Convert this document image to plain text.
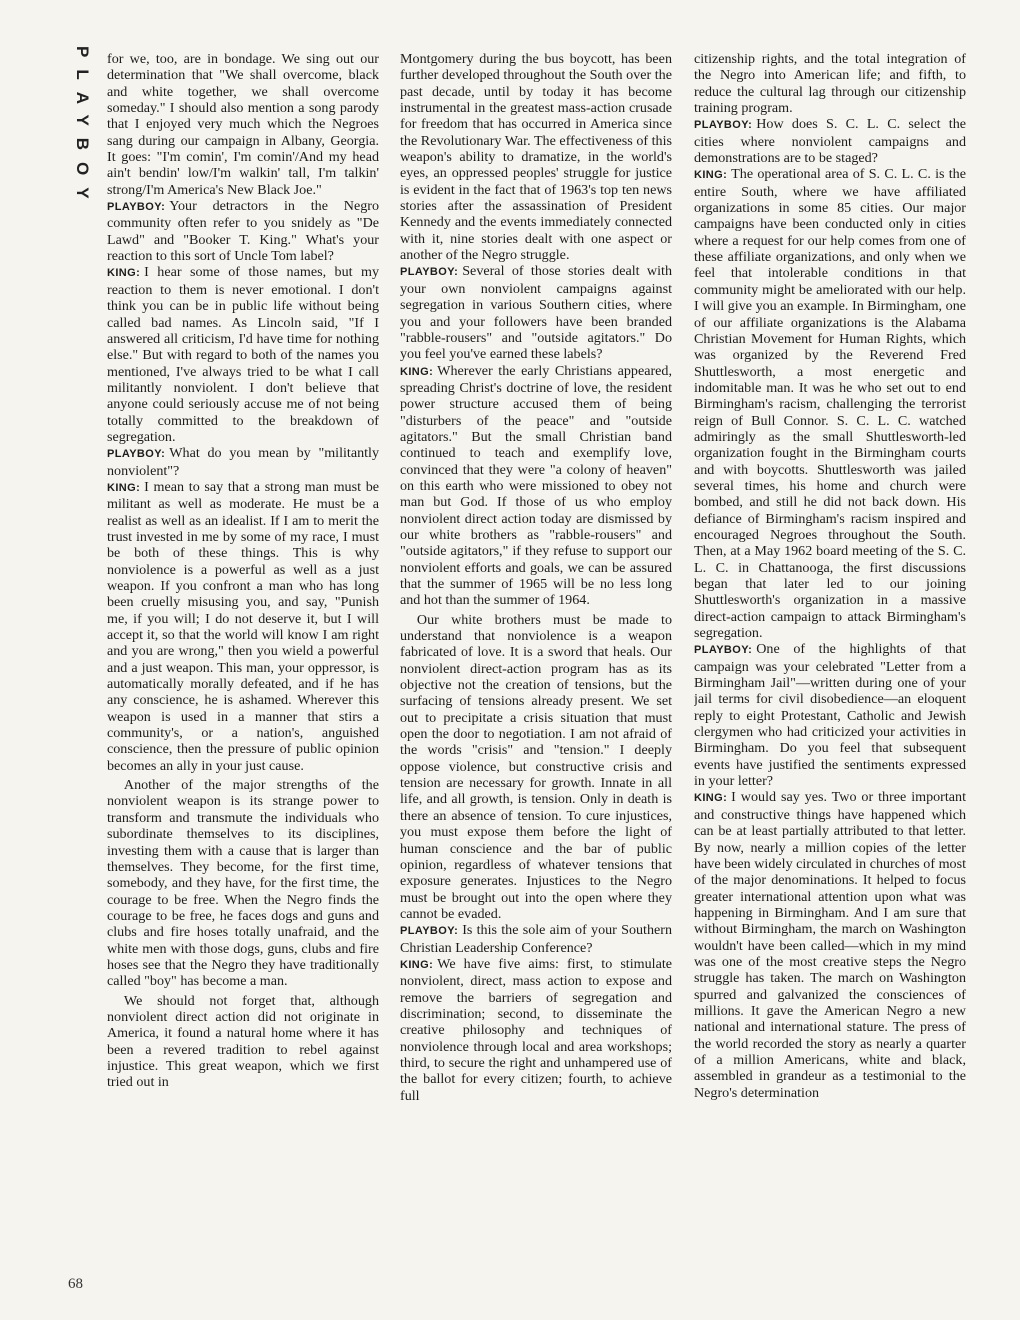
PLAYBOY for we, too, are in bondage. We sing out our determination that "We shall overcome, black and white together, we shall overcome someday." I should also mention a song parody that I enjoyed very much which the Negroes sang during our campaign in Albany, Georgia. It goes: "I'm comin', I'm comin'/And my head ain't bendin' low/I'm walkin' tall, I'm talkin' strong/I'm America's New Black Joe."

PLAYBOY: Your detractors in the Negro community often refer to you snidely as "De Lawd" and "Booker T. King." What's your reaction to this sort of Uncle Tom label?

KING: I hear some of those names, but my reaction to them is never emotional. I don't think you can be in public life without being called bad names. As Lincoln said, "If I answered all criticism, I'd have time for nothing else." But with regard to both of the names you mentioned, I've always tried to be what I call militantly nonviolent. I don't believe that anyone could seriously accuse me of not being totally committed to the breakdown of segregation.

PLAYBOY: What do you mean by "militantly nonviolent"?

KING: I mean to say that a strong man must be militant as well as moderate. He must be a realist as well as an idealist. If I am to merit the trust invested in me by some of my race, I must be both of these things. This is why nonviolence is a powerful as well as a just weapon. If you confront a man who has long been cruelly misusing you, and say, "Punish me, if you will; I do not deserve it, but I will accept it, so that the world will know I am right and you are wrong," then you wield a powerful and a just weapon. This man, your oppressor, is automatically morally defeated, and if he has any conscience, he is ashamed. Wherever this weapon is used in a manner that stirs a community's, or a nation's, anguished conscience, then the pressure of public opinion becomes an ally in your just cause.

Another of the major strengths of the nonviolent weapon is its strange power to transform and transmute the individuals who subordinate themselves to its disciplines, investing them with a cause that is larger than themselves. They become, for the first time, somebody, and they have, for the first time, the courage to be free. When the Negro finds the courage to be free, he faces dogs and guns and clubs and fire hoses totally unafraid, and the white men with those dogs, guns, clubs and fire hoses see that the Negro they have traditionally called "boy" has become a man.

We should not forget that, although nonviolent direct action did not originate in America, it found a natural home where it has been a revered tradition to rebel against injustice. This great weapon, which we first tried out in

Montgomery during the bus boycott, has been further developed throughout the South over the past decade, until by today it has become instrumental in the greatest mass-action crusade for freedom that has occurred in America since the Revolutionary War. The effectiveness of this weapon's ability to dramatize, in the world's eyes, an oppressed peoples' struggle for justice is evident in the fact that of 1963's top ten news stories after the assassination of President Kennedy and the events immediately connected with it, nine stories dealt with one aspect or another of the Negro struggle.

PLAYBOY: Several of those stories dealt with your own nonviolent campaigns against segregation in various Southern cities, where you and your followers have been branded "rabble-rousers" and "outside agitators." Do you feel you've earned these labels?

KING: Wherever the early Christians appeared, spreading Christ's doctrine of love, the resident power structure accused them of being "disturbers of the peace" and "outside agitators." But the small Christian band continued to teach and exemplify love, convinced that they were "a colony of heaven" on this earth who were missioned to obey not man but God. If those of us who employ nonviolent direct action today are dismissed by our white brothers as "rabble-rousers" and "outside agitators," if they refuse to support our nonviolent efforts and goals, we can be assured that the summer of 1965 will be no less long and hot than the summer of 1964.

Our white brothers must be made to understand that nonviolence is a weapon fabricated of love. It is a sword that heals. Our nonviolent direct-action program has as its objective not the creation of tensions, but the surfacing of tensions already present. We set out to precipitate a crisis situation that must open the door to negotiation. I am not afraid of the words "crisis" and "tension." I deeply oppose violence, but constructive crisis and tension are necessary for growth. Innate in all life, and all growth, is tension. Only in death is there an absence of tension. To cure injustices, you must expose them before the light of human conscience and the bar of public opinion, regardless of whatever tensions that exposure generates. Injustices to the Negro must be brought out into the open where they cannot be evaded.

PLAYBOY: Is this the sole aim of your Southern Christian Leadership Conference?

KING: We have five aims: first, to stimulate nonviolent, direct, mass action to expose and remove the barriers of segregation and discrimination; second, to disseminate the creative philosophy and techniques of nonviolence through local and area workshops; third, to secure the right and unhampered use of the ballot for every citizen; fourth, to achieve full

citizenship rights, and the total integration of the Negro into American life; and fifth, to reduce the cultural lag through our citizenship training program.

PLAYBOY: How does S. C. L. C. select the cities where nonviolent campaigns and demonstrations are to be staged?

KING: The operational area of S. C. L. C. is the entire South, where we have affiliated organizations in some 85 cities. Our major campaigns have been conducted only in cities where a request for our help comes from one of these affiliate organizations, and only when we feel that intolerable conditions in that community might be ameliorated with our help. I will give you an example. In Birmingham, one of our affiliate organizations is the Alabama Christian Movement for Human Rights, which was organized by the Reverend Fred Shuttlesworth, a most energetic and indomitable man. It was he who set out to end Birmingham's racism, challenging the terrorist reign of Bull Connor. S. C. L. C. watched admiringly as the small Shuttlesworth-led organization fought in the Birmingham courts and with boycotts. Shuttlesworth was jailed several times, his home and church were bombed, and still he did not back down. His defiance of Birmingham's racism inspired and encouraged Negroes throughout the South. Then, at a May 1962 board meeting of the S. C. L. C. in Chattanooga, the first discussions began that later led to our joining Shuttlesworth's organization in a massive direct-action campaign to attack Birmingham's segregation.

PLAYBOY: One of the highlights of that campaign was your celebrated "Letter from a Birmingham Jail"—written during one of your jail terms for civil disobedience—an eloquent reply to eight Protestant, Catholic and Jewish clergymen who had criticized your activities in Birmingham. Do you feel that subsequent events have justified the sentiments expressed in your letter?

KING: I would say yes. Two or three important and constructive things have happened which can be at least partially attributed to that letter. By now, nearly a million copies of the letter have been widely circulated in churches of most of the major denominations. It helped to focus greater international attention upon what was happening in Birmingham. And I am sure that without Birmingham, the march on Washington wouldn't have been called—which in my mind was one of the most creative steps the Negro struggle has taken. The march on Washington spurred and galvanized the consciences of millions. It gave the American Negro a new national and international stature. The press of the world recorded the story as nearly a quarter of a million Americans, white and black, assembled in grandeur as a testimonial to the Negro's determination

68
